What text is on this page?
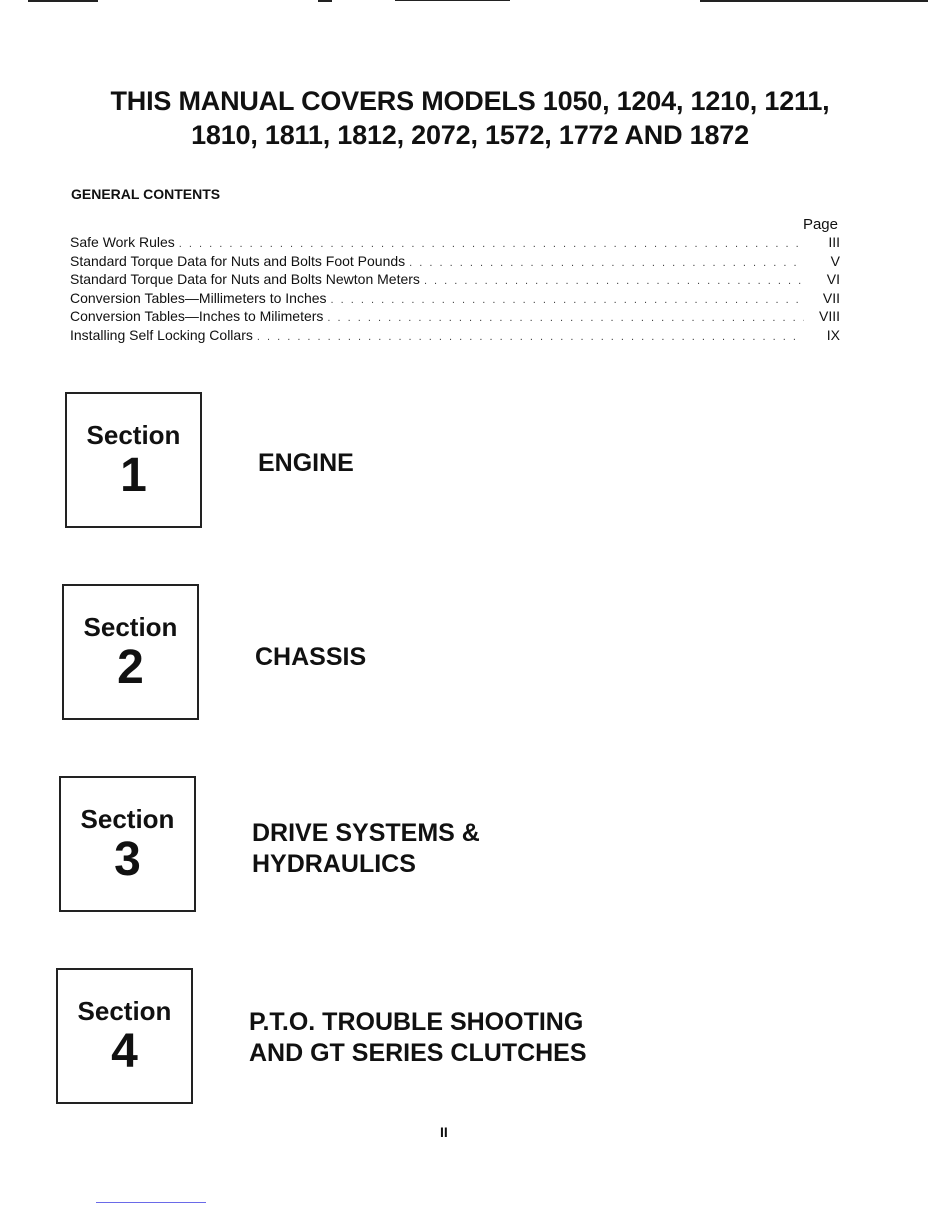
THIS MANUAL COVERS MODELS 1050, 1204, 1210, 1211,
1810, 1811, 1812, 2072, 1572, 1772 AND 1872
GENERAL CONTENTS
Page
Safe Work Rules . . .	III
Standard Torque Data for Nuts and Bolts Foot Pounds . . .	V
Standard Torque Data for Nuts and Bolts Newton Meters . . .	VI
Conversion Tables—Millimeters to Inches . . .	VII
Conversion Tables—Inches to Milimeters . . .	VIII
Installing Self Locking Collars . . .	IX
Section
1	ENGINE
Section
2	CHASSIS
Section
3	DRIVE SYSTEMS &
HYDRAULICS
Section
4
P.T.O. TROUBLE SHOOTING
AND GT SERIES CLUTCHES
II
